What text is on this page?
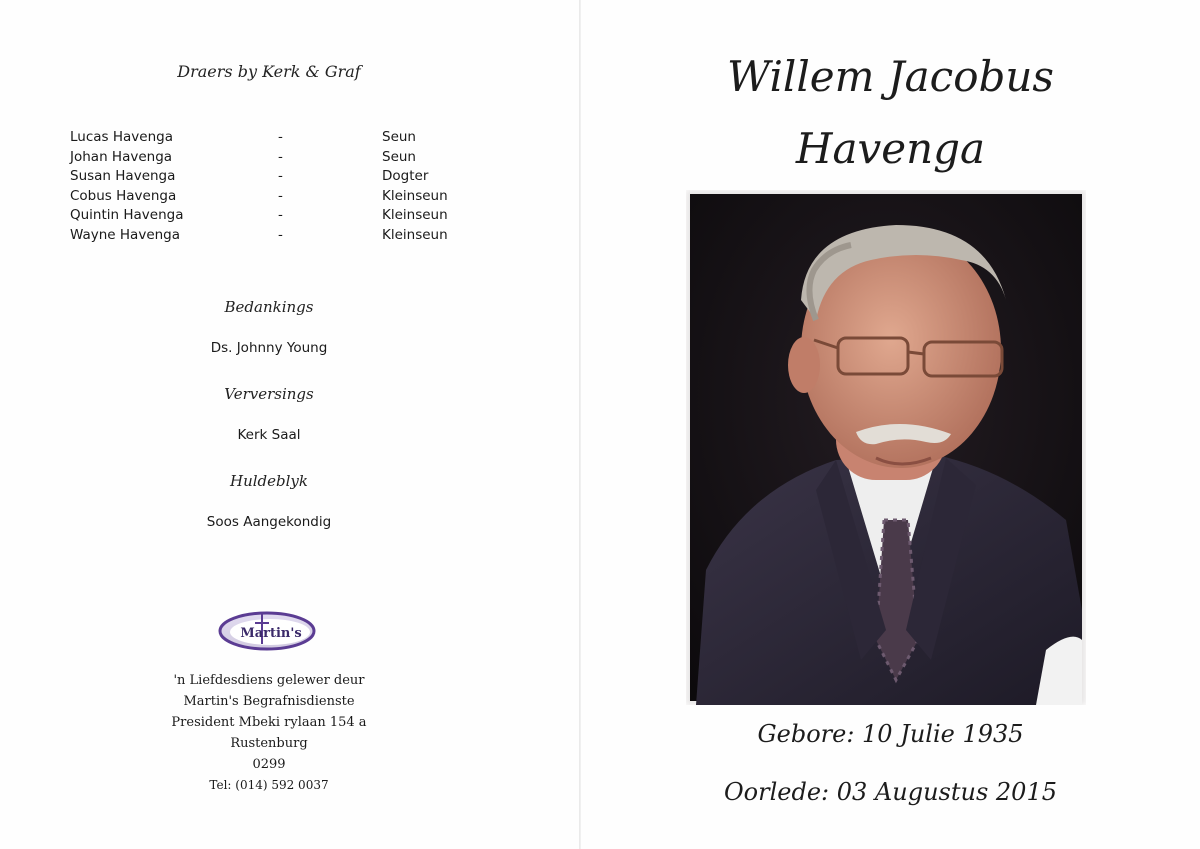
Draers by Kerk & Graf
Lucas Havenga	-	Seun
Johan Havenga	-	Seun
Susan Havenga	-	Dogter
Cobus Havenga	-	Kleinseun
Quintin Havenga	-	Kleinseun
Wayne Havenga	-	Kleinseun
Bedankings
Ds. Johnny Young
Verversings
Kerk Saal
Huldeblyk
Soos Aangekondig
Martin's
'n Liefdesdiens gelewer deur
Martin's Begrafnisdienste
President Mbeki rylaan 154 a
Rustenburg
0299
Tel: (014) 592 0037
Willem Jacobus
Havenga
Gebore: 10 Julie 1935
Oorlede: 03 Augustus 2015
